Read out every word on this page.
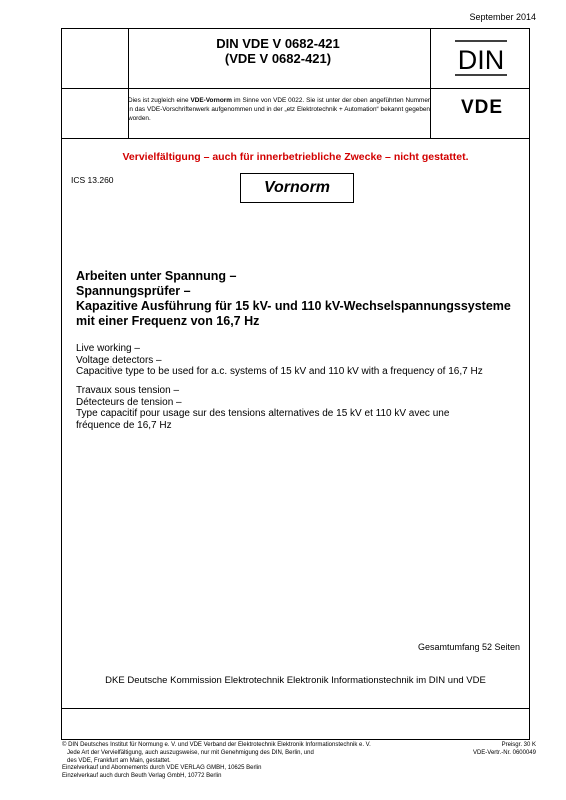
September 2014
DIN VDE V 0682-421
(VDE V 0682-421)	DIN
VDE
Dies ist zugleich eine VDE-Vornorm im Sinne von VDE 0022. Sie ist unter der oben angeführten Nummer in das VDE-Vorschriftenwerk aufgenommen und in der „etz Elektrotechnik + Automation“ bekannt gegeben worden.
Vervielfältigung – auch für innerbetriebliche Zwecke – nicht gestattet.
ICS 13.260	Vornorm
Arbeiten unter Spannung –
Spannungsprüfer –
Kapazitive Ausführung für 15 kV- und 110 kV-Wechselspannungssysteme
mit einer Frequenz von 16,7 Hz
Live working –
Voltage detectors –
Capacitive type to be used for a.c. systems of 15 kV and 110 kV with a frequency of 16,7 Hz
Travaux sous tension –
Détecteurs de tension –
Type capacitif pour usage sur des tensions alternatives de 15 kV et 110 kV avec une
fréquence de 16,7 Hz
Gesamtumfang 52 Seiten
DKE Deutsche Kommission Elektrotechnik Elektronik Informationstechnik im DIN und VDE
© DIN Deutsches Institut für Normung e. V. und VDE Verband der Elektrotechnik Elektronik Informationstechnik e. V.
Jede Art der Vervielfältigung, auch auszugsweise, nur mit Genehmigung des DIN, Berlin, und
des VDE, Frankfurt am Main, gestattet.
Einzelverkauf und Abonnements durch VDE VERLAG GMBH, 10625 Berlin
Einzelverkauf auch durch Beuth Verlag GmbH, 10772 Berlin
Preisgr. 30 K
VDE-Vertr.-Nr. 0600049
